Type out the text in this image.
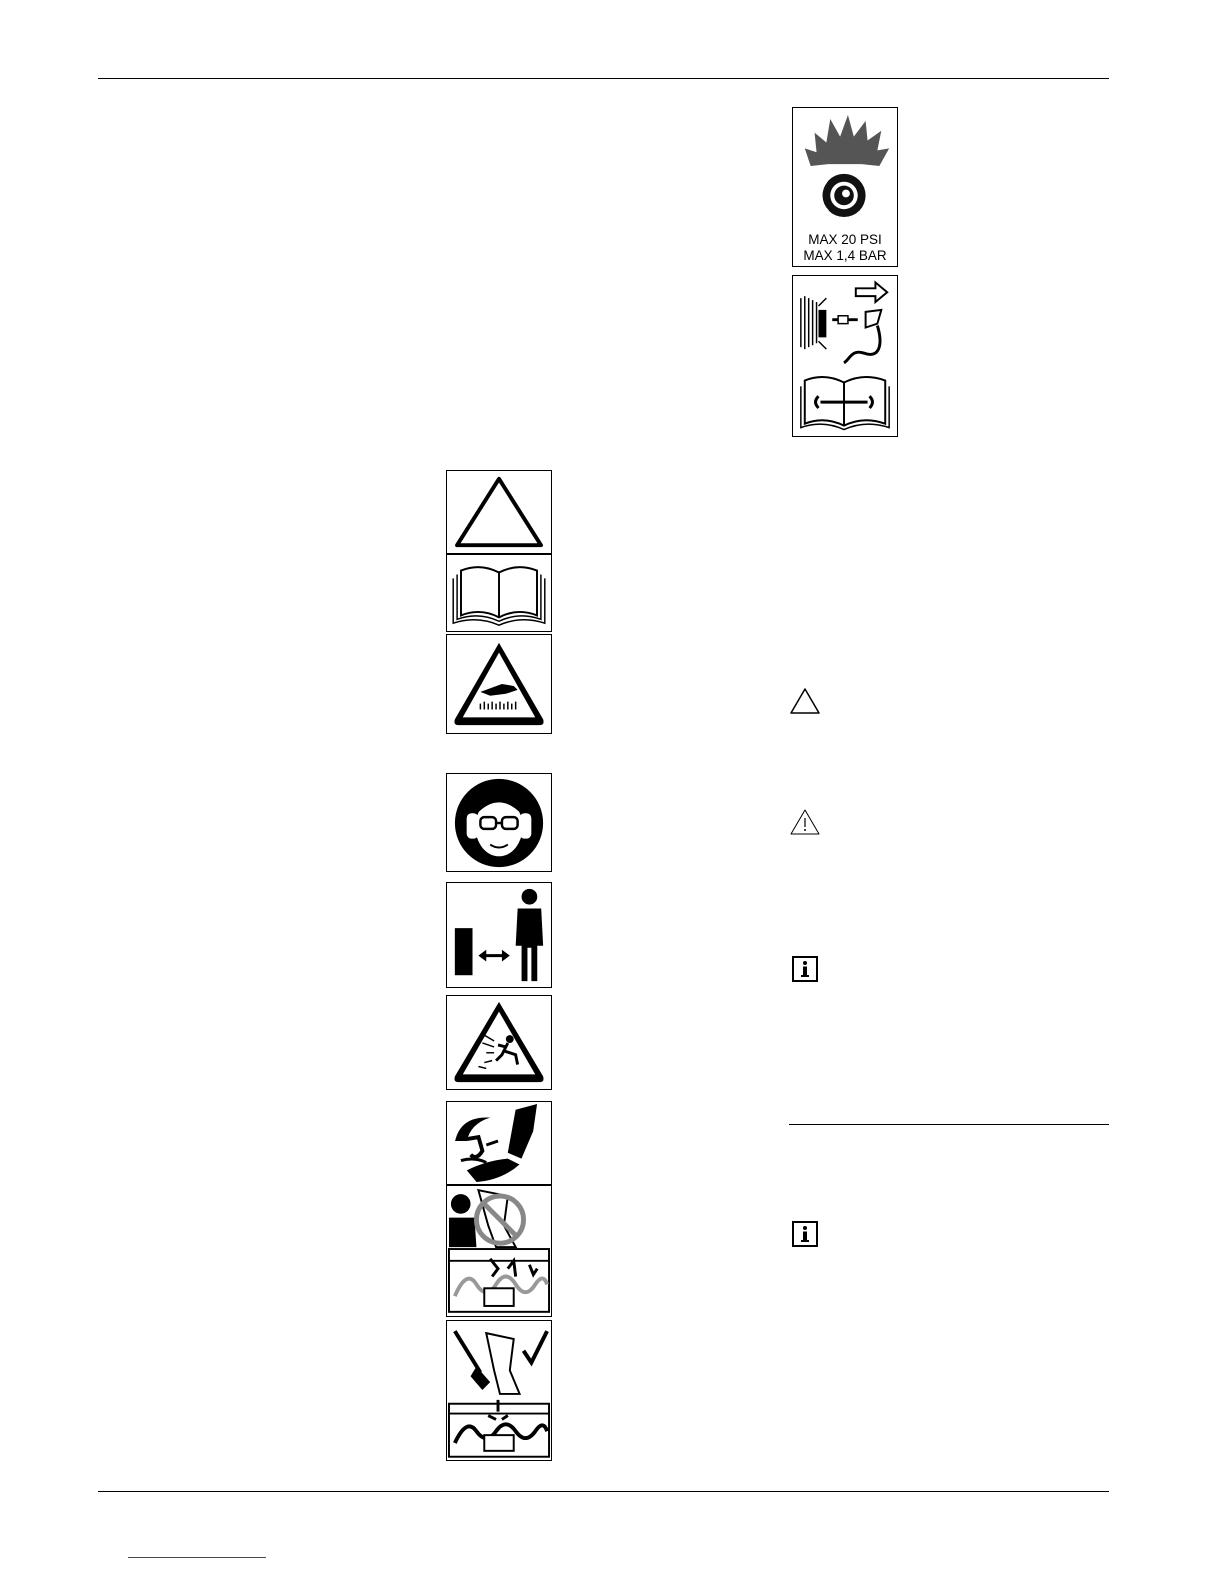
MAX 20 PSI
MAX 1,4 BAR
